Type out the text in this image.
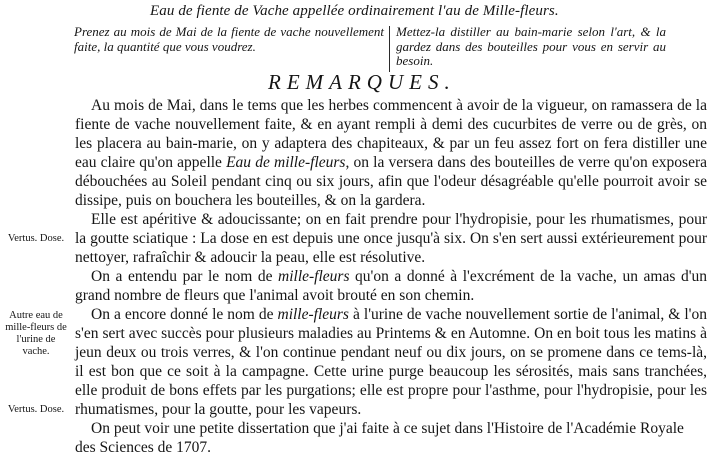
Eau de fiente de Vache appellée ordinairement l'au de Mille-fleurs.
Prenez au mois de Mai de la fiente de vache nouvellement faite, la quantité que vous voudrez.
Mettez-la distiller au bain-marie selon l'art, & la gardez dans des bouteilles pour vous en servir au besoin.
REMARQUES.

Au mois de Mai, dans le tems que les herbes commencent à avoir de la vigueur, on ramassera de la fiente de vache nouvellement faite, & en ayant rempli à demi des cucurbites de verre ou de grès, on les placera au bain-marie, on y adaptera des chapiteaux, & par un feu assez fort on fera distiller une eau claire qu'on appelle Eau de mille-fleurs, on la versera dans des bouteilles de verre qu'on exposera débouchées au Soleil pendant cinq ou six jours, afin que l'odeur désagréable qu'elle pourroit avoir se dissipe, puis on bouchera les bouteilles, & on la gardera.

Elle est apéritive & adoucissante; on en fait prendre pour l'hydropisie, pour les rhumatismes, pour la goutte sciatique : La dose en est depuis une once jusqu'à six. On s'en sert aussi extérieurement pour nettoyer, rafraîchir & adoucir la peau, elle est résolutive.

On a entendu par le nom de mille-fleurs qu'on a donné à l'excrément de la vache, un amas d'un grand nombre de fleurs que l'animal avoit brouté en son chemin.

On a encore donné le nom de mille-fleurs à l'urine de vache nouvellement sortie de l'animal, & l'on s'en sert avec succès pour plusieurs maladies au Printems & en Automne. On en boit tous les matins à jeun deux ou trois verres, & l'on continue pendant neuf ou dix jours, on se promene dans ce tems-là, il est bon que ce soit à la campagne. Cette urine purge beaucoup les sérosités, mais sans tranchées, elle produit de bons effets par les purgations; elle est propre pour l'asthme, pour l'hydropisie, pour les rhumatismes, pour la goutte, pour les vapeurs.

On peut voir une petite dissertation que j'ai faite à ce sujet dans l'Histoire de l'Académie Royale des Sciences de 1707.

Vertus. Dose.
Autre eau de mille-fleurs de l'urine de vache.
Vertus. Dose.
